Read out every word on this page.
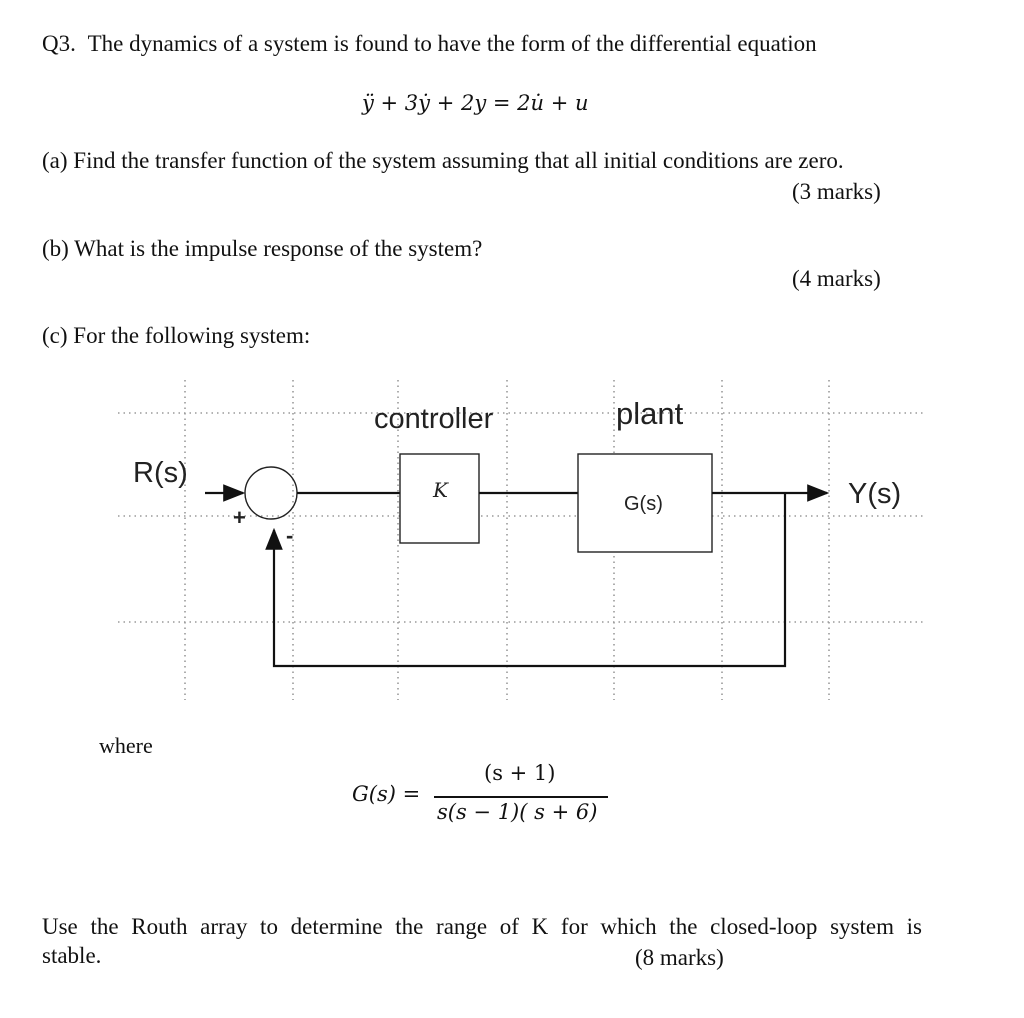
Q3. The dynamics of a system is found to have the form of the differential equation
ÿ + 3ẏ + 2y = 2u̇ + u
(a) Find the transfer function of the system assuming that all initial conditions are zero.
(3 marks)
(b) What is the impulse response of the system?
(4 marks)
(c) For the following system:
controller	plant
R(s)
Y(s)
K
G(s)
+
-
where
G(s) =
(s + 1)
s(s − 1)( s + 6)
Use the Routh array to determine the range of K for which the closed-loop system is
stable.	(8 marks)
